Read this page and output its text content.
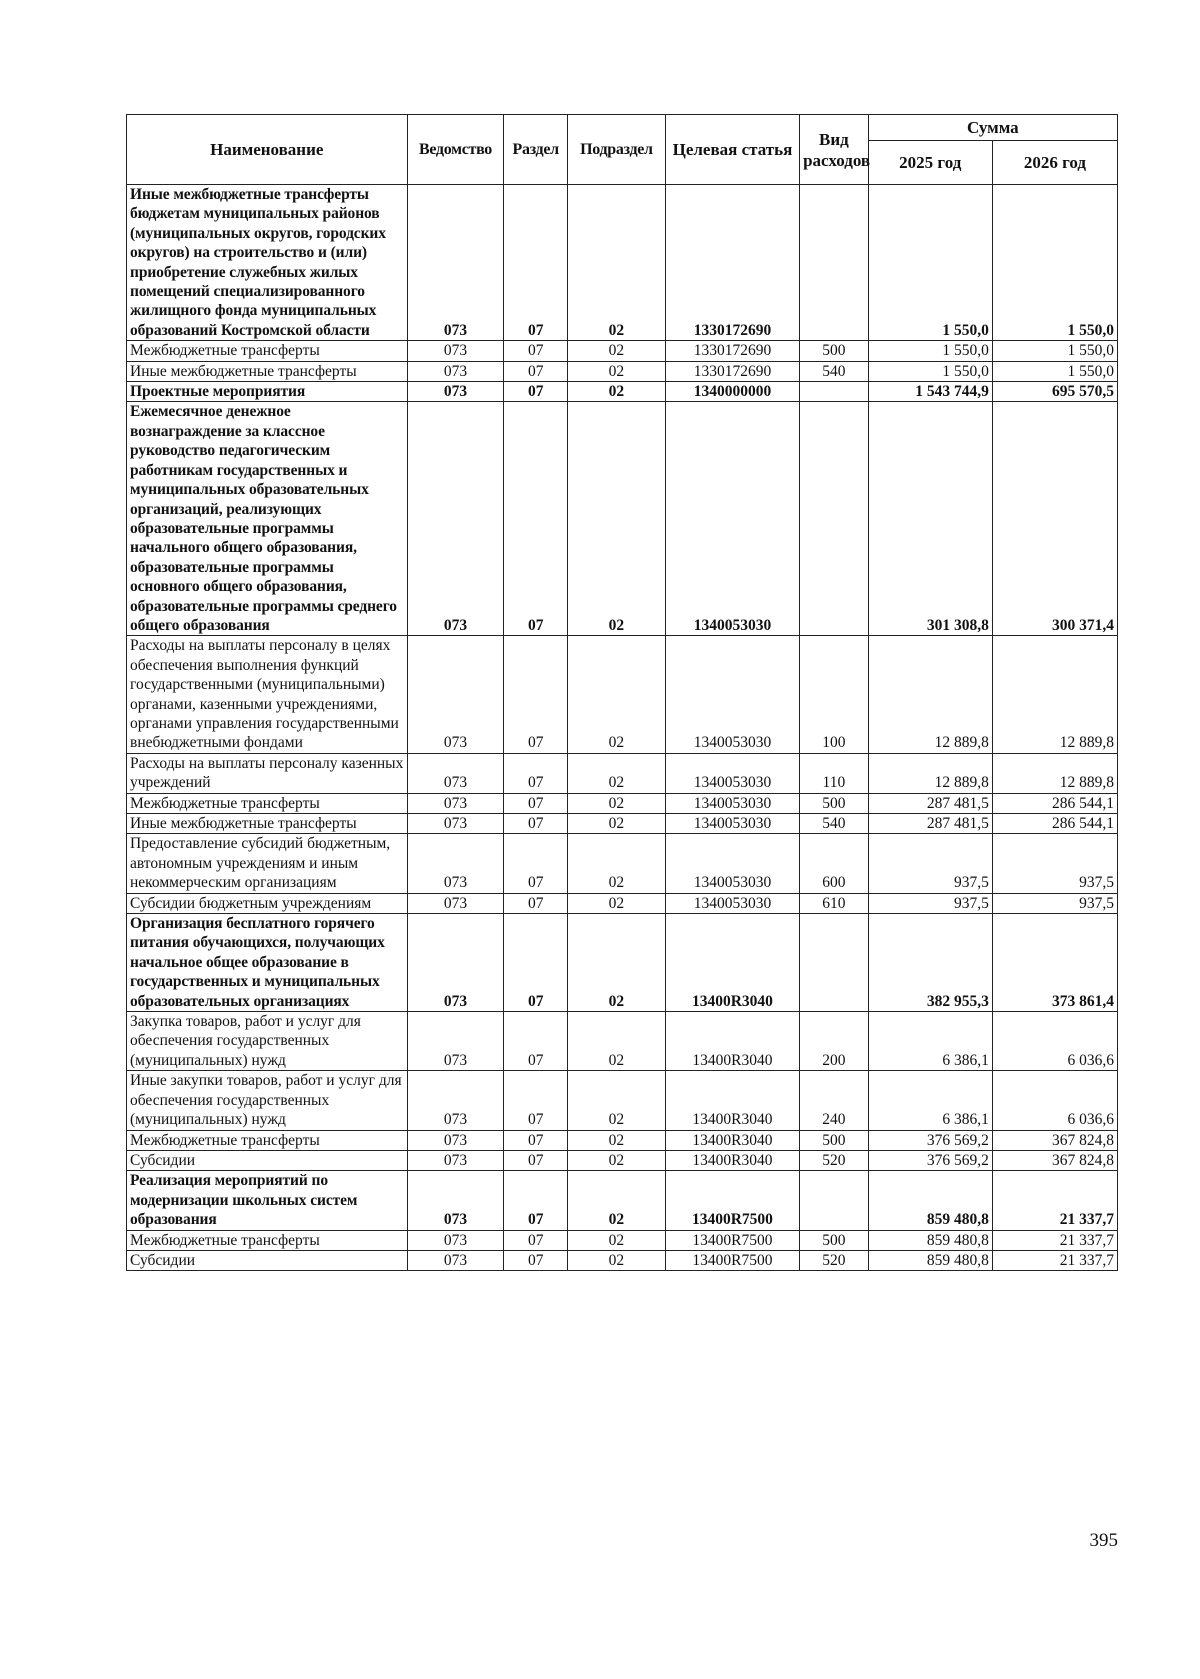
Наименование	Ведомство	Раздел	Подраздел	Целевая статья	Вид расходов	Сумма	
						2025 год	2026 год
Иные межбюджетные трансферты бюджетам муниципальных районов (муниципальных округов, городских округов) на строительство и (или) приобретение служебных жилых помещений специализированного жилищного фонда муниципальных образований Костромской области	073	07	02	1330172690		1 550,0	1 550,0
Межбюджетные трансферты	073	07	02	1330172690	500	1 550,0	1 550,0
Иные межбюджетные трансферты	073	07	02	1330172690	540	1 550,0	1 550,0
Проектные мероприятия	073	07	02	1340000000		1 543 744,9	695 570,5
Ежемесячное денежное вознаграждение за классное руководство педагогическим работникам государственных и муниципальных образовательных организаций, реализующих образовательные программы начального общего образования, образовательные программы основного общего образования, образовательные программы среднего общего образования	073	07	02	1340053030		301 308,8	300 371,4
Расходы на выплаты персоналу в целях обеспечения выполнения функций государственными (муниципальными) органами, казенными учреждениями, органами управления государственными внебюджетными фондами	073	07	02	1340053030	100	12 889,8	12 889,8
Расходы на выплаты персоналу казенных учреждений	073	07	02	1340053030	110	12 889,8	12 889,8
Межбюджетные трансферты	073	07	02	1340053030	500	287 481,5	286 544,1
Иные межбюджетные трансферты	073	07	02	1340053030	540	287 481,5	286 544,1
Предоставление субсидий бюджетным, автономным учреждениям и иным некоммерческим организациям	073	07	02	1340053030	600	937,5	937,5
Субсидии бюджетным учреждениям	073	07	02	1340053030	610	937,5	937,5
Организация бесплатного горячего питания обучающихся, получающих начальное общее образование в государственных и муниципальных образовательных организациях	073	07	02	13400R3040		382 955,3	373 861,4
Закупка товаров, работ и услуг для обеспечения государственных (муниципальных) нужд	073	07	02	13400R3040	200	6 386,1	6 036,6
Иные закупки товаров, работ и услуг для обеспечения государственных (муниципальных) нужд	073	07	02	13400R3040	240	6 386,1	6 036,6
Межбюджетные трансферты	073	07	02	13400R3040	500	376 569,2	367 824,8
Субсидии	073	07	02	13400R3040	520	376 569,2	367 824,8
Реализация мероприятий по модернизации школьных систем образования	073	07	02	13400R7500		859 480,8	21 337,7
Межбюджетные трансферты	073	07	02	13400R7500	500	859 480,8	21 337,7
Субсидии	073	07	02	13400R7500	520	859 480,8	21 337,7
395
